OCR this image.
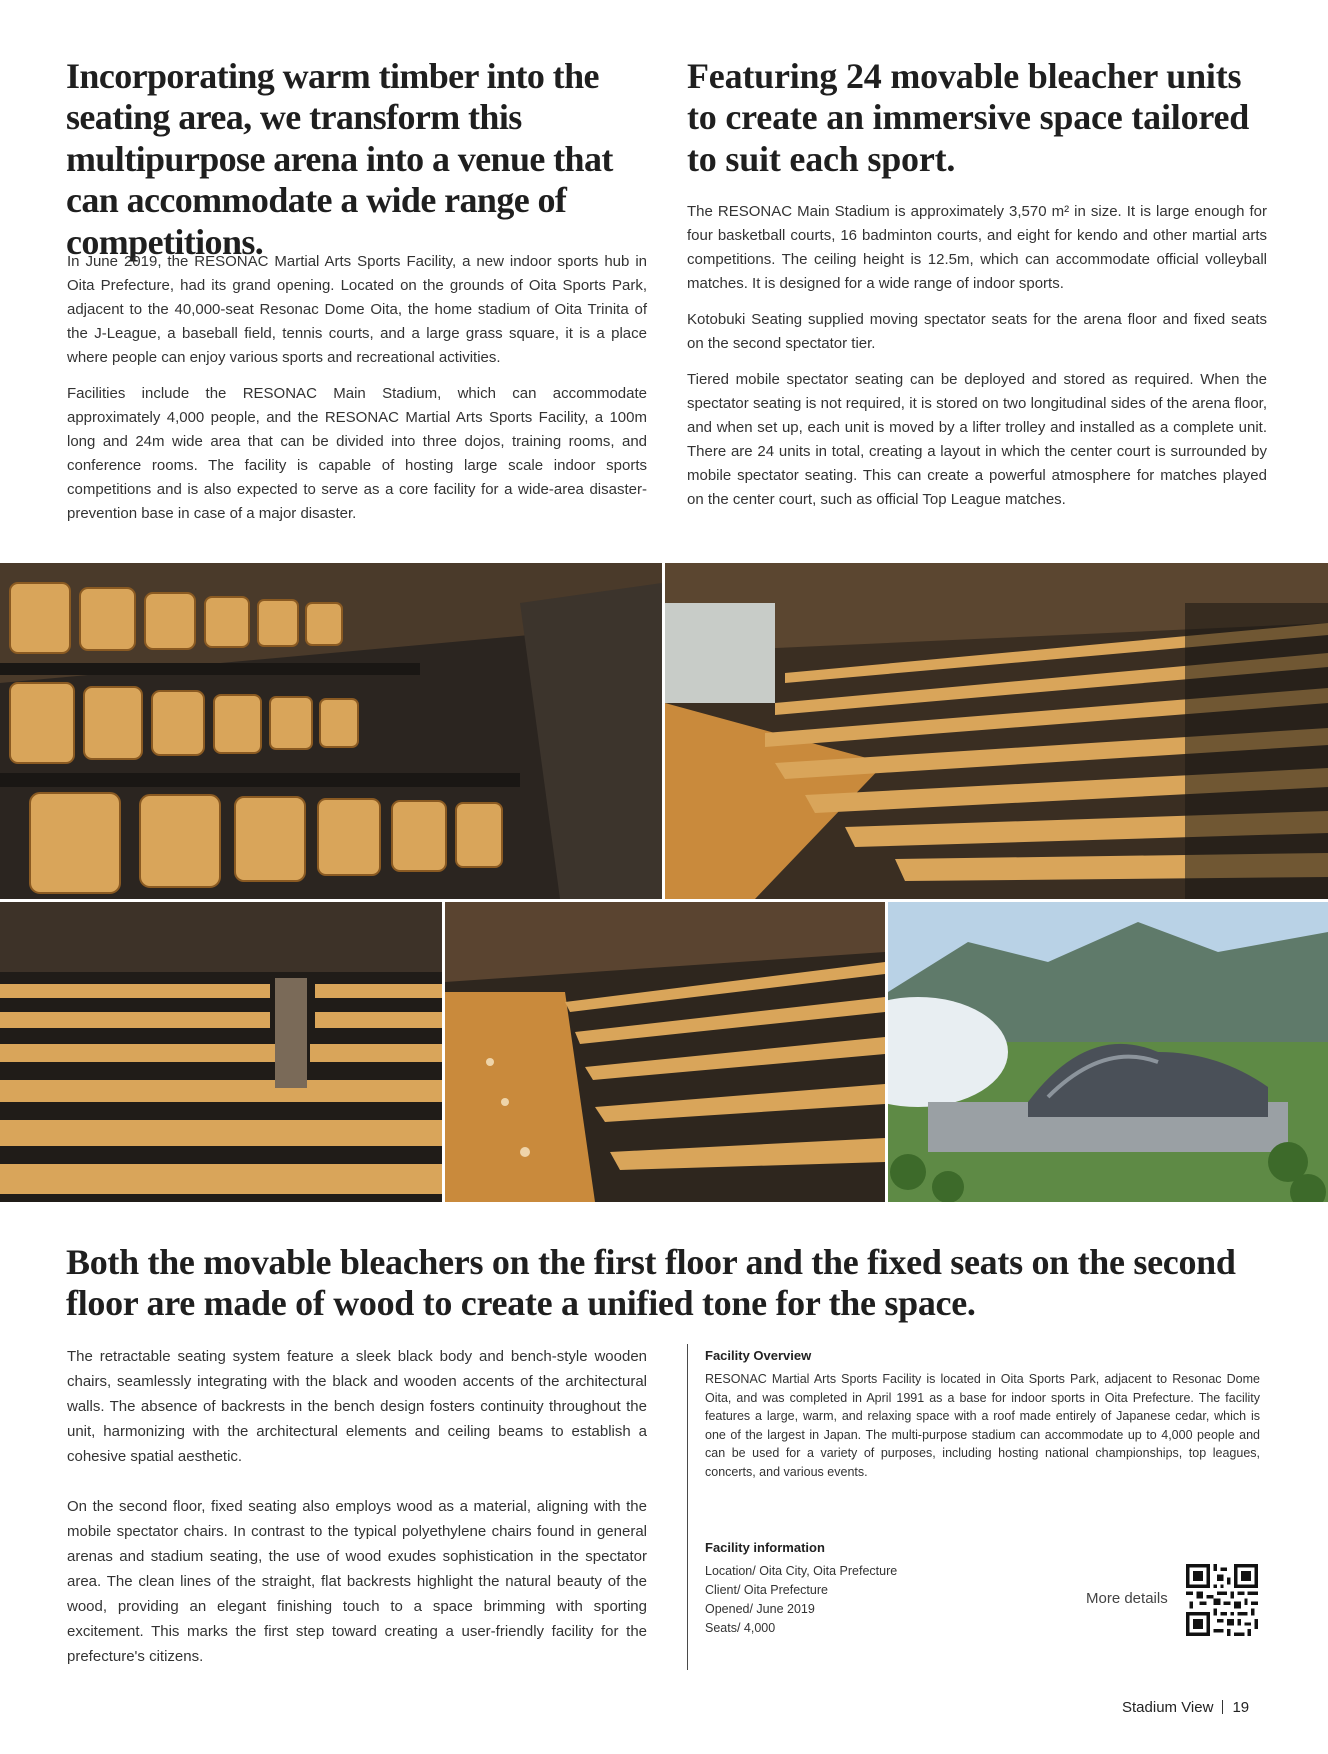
Incorporating warm timber into the seating area, we transform this multipurpose arena into a venue that can accommodate a wide range of competitions.

In June 2019, the RESONAC Martial Arts Sports Facility, a new indoor sports hub in Oita Prefecture, had its grand opening. Located on the grounds of Oita Sports Park, adjacent to the 40,000-seat Resonac Dome Oita, the home stadium of Oita Trinita of the J-League, a baseball field, tennis courts, and a large grass square, it is a place where people can enjoy various sports and recreational activities.

Facilities include the RESONAC Main Stadium, which can accommodate approximately 4,000 people, and the RESONAC Martial Arts Sports Facility, a 100m long and 24m wide area that can be divided into three dojos, training rooms, and conference rooms. The facility is capable of hosting large scale indoor sports competitions and is also expected to serve as a core facility for a wide-area disaster-prevention base in case of a major disaster.

Featuring 24 movable bleacher units to create an immersive space tailored to suit each sport.

The RESONAC Main Stadium is approximately 3,570 m² in size. It is large enough for four basketball courts, 16 badminton courts, and eight for kendo and other martial arts competitions. The ceiling height is 12.5m, which can accommodate official volleyball matches. It is designed for a wide range of indoor sports.

Kotobuki Seating supplied moving spectator seats for the arena floor and fixed seats on the second spectator tier.

Tiered mobile spectator seating can be deployed and stored as required. When the spectator seating is not required, it is stored on two longitudinal sides of the arena floor, and when set up, each unit is moved by a lifter trolley and installed as a complete unit. There are 24 units in total, creating a layout in which the center court is surrounded by mobile spectator seating. This can create a powerful atmosphere for matches played on the center court, such as official Top League matches.

Both the movable bleachers on the first floor and the fixed seats on the second floor are made of wood to create a unified tone for the space.

The retractable seating system feature a sleek black body and bench-style wooden chairs, seamlessly integrating with the black and wooden accents of the architectural walls. The absence of backrests in the bench design fosters continuity throughout the unit, harmonizing with the architectural elements and ceiling beams to establish a cohesive spatial aesthetic.

On the second floor, fixed seating also employs wood as a material, aligning with the mobile spectator chairs. In contrast to the typical polyethylene chairs found in general arenas and stadium seating, the use of wood exudes sophistication in the spectator area. The clean lines of the straight, flat backrests highlight the natural beauty of the wood, providing an elegant finishing touch to a space brimming with sporting excitement. This marks the first step toward creating a user-friendly facility for the prefecture's citizens.

Facility Overview

RESONAC Martial Arts Sports Facility is located in Oita Sports Park, adjacent to Resonac Dome Oita, and was completed in April 1991 as a base for indoor sports in Oita Prefecture. The facility features a large, warm, and relaxing space with a roof made entirely of Japanese cedar, which is one of the largest in Japan. The multi-purpose stadium can accommodate up to 4,000 people and can be used for a variety of purposes, including hosting national championships, top leagues, concerts, and various events.

Facility information
Location/ Oita City, Oita Prefecture
Client/ Oita Prefecture
Opened/ June 2019
Seats/ 4,000
More details
Stadium View 19
